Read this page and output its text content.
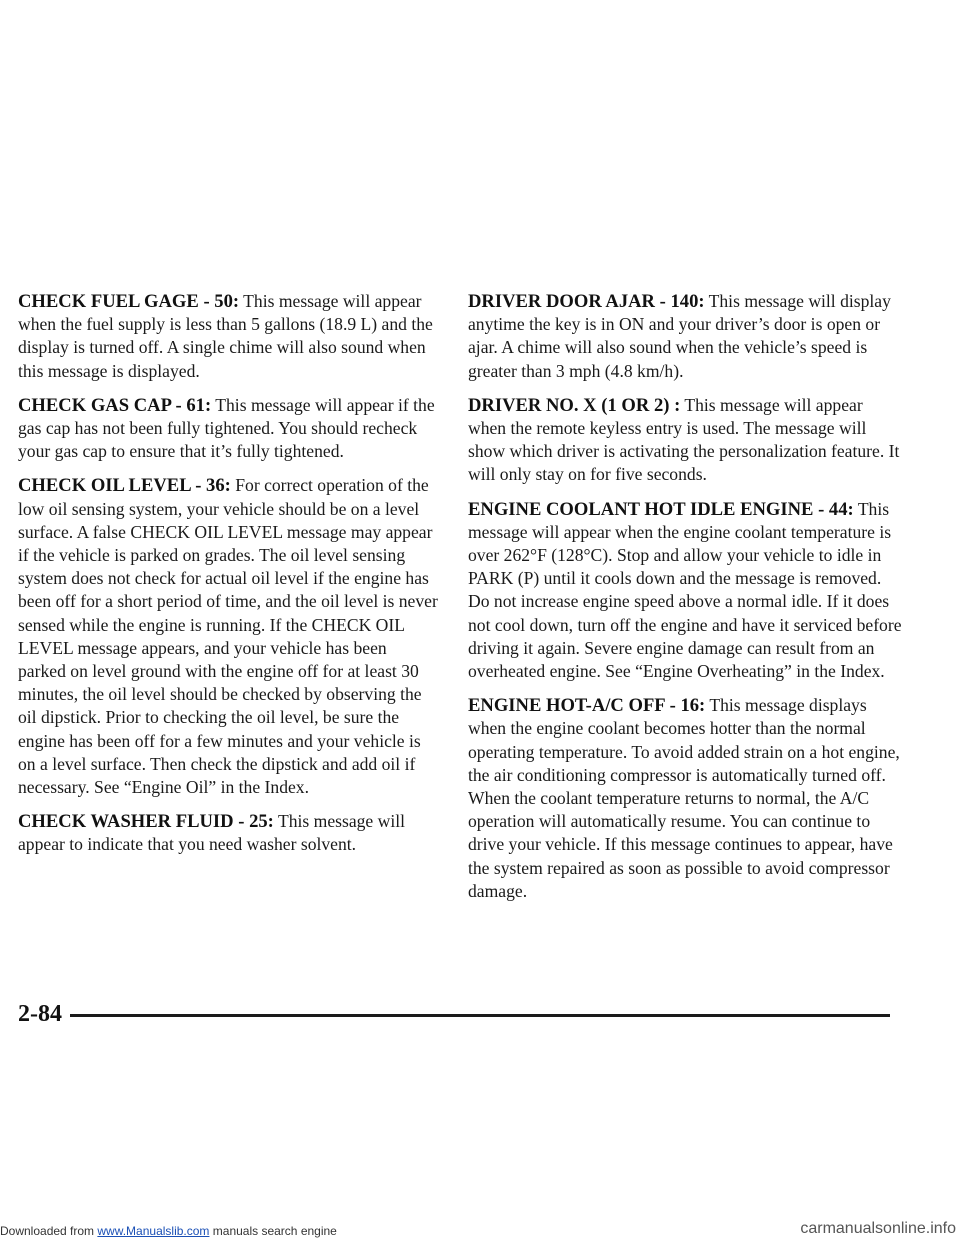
CHECK FUEL GAGE - 50: This message will appear when the fuel supply is less than 5 gallons (18.9 L) and the display is turned off. A single chime will also sound when this message is displayed.

CHECK GAS CAP - 61: This message will appear if the gas cap has not been fully tightened. You should recheck your gas cap to ensure that it’s fully tightened.

CHECK OIL LEVEL - 36: For correct operation of the low oil sensing system, your vehicle should be on a level surface. A false CHECK OIL LEVEL message may appear if the vehicle is parked on grades. The oil level sensing system does not check for actual oil level if the engine has been off for a short period of time, and the oil level is never sensed while the engine is running. If the CHECK OIL LEVEL message appears, and your vehicle has been parked on level ground with the engine off for at least 30 minutes, the oil level should be checked by observing the oil dipstick. Prior to checking the oil level, be sure the engine has been off for a few minutes and your vehicle is on a level surface. Then check the dipstick and add oil if necessary. See “Engine Oil” in the Index.

CHECK WASHER FLUID - 25: This message will appear to indicate that you need washer solvent.

DRIVER DOOR AJAR - 140: This message will display anytime the key is in ON and your driver’s door is open or ajar. A chime will also sound when the vehicle’s speed is greater than 3 mph (4.8 km/h).

DRIVER NO. X (1 OR 2) : This message will appear when the remote keyless entry is used. The message will show which driver is activating the personalization feature. It will only stay on for five seconds.

ENGINE COOLANT HOT IDLE ENGINE - 44: This message will appear when the engine coolant temperature is over 262°F (128°C). Stop and allow your vehicle to idle in PARK (P) until it cools down and the message is removed. Do not increase engine speed above a normal idle. If it does not cool down, turn off the engine and have it serviced before driving it again. Severe engine damage can result from an overheated engine. See “Engine Overheating” in the Index.

ENGINE HOT-A/C OFF - 16: This message displays when the engine coolant becomes hotter than the normal operating temperature. To avoid added strain on a hot engine, the air conditioning compressor is automatically turned off. When the coolant temperature returns to normal, the A/C operation will automatically resume. You can continue to drive your vehicle. If this message continues to appear, have the system repaired as soon as possible to avoid compressor damage.

2-84
Downloaded from www.Manualslib.com manuals search engine	carmanualsonline.info
